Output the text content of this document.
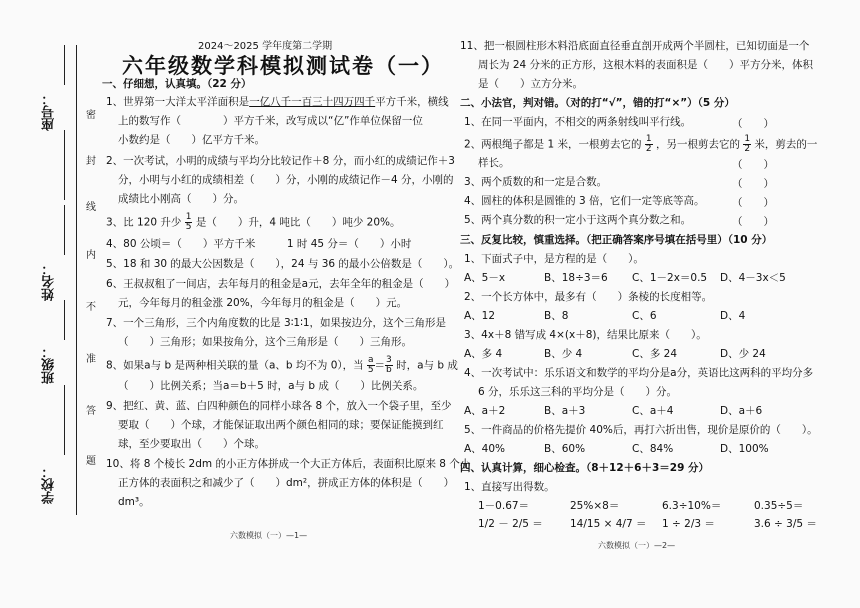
座号：
姓名：
班级：
学校：
密
封
线
内
不
准
答
题
2024～2025 学年度第二学期
六年级数学科模拟测试卷（一）
一、仔细想，认真填。（22 分）
1、世界第一大洋太平洋面积是一亿八千一百三十四万四千平方千米，横线
上的数写作（　　　　）平方千米，改写成以“亿”作单位保留一位
小数约是（　　）亿平方千米。
2、一次考试，小明的成绩与平均分比较记作＋8 分，而小红的成绩记作＋3
分，小明与小红的成绩相差（　　）分，小刚的成绩记作－4 分，小刚的
成绩比小刚高（　　）分。
3、比 120 升少 $\frac{1}{5}$ 是（　　）升，4 吨比（　　）吨少 20%。
4、80 公顷＝（　　）平方千米　　　1 时 45 分＝（　　）小时
5、18 和 30 的最大公因数是（　　），24 与 36 的最小公倍数是（　　）。
6、王叔叔租了一间店，去年每月的租金是a元，去年全年的租金是（　　）
元，今年每月的租金涨 20%，今年每月的租金是（　　）元。
7、一个三角形，三个内角度数的比是 3∶1∶1，如果按边分，这个三角形是
（　　）三角形；如果按角分，这个三角形是（　　）三角形。
8、如果a与 b 是两种相关联的量（a、b 均不为 0），当 $\frac{a}{5} = \frac{3}{b}$ 时，a与 b 成
（　　）比例关系；当a＝b＋5 时，a与 b 成（　　）比例关系。
9、把红、黄、蓝、白四种颜色的同样小球各 8 个，放入一个袋子里，至少
要取（　　）个球，才能保证取出两个颜色相同的球；要保证能摸到红
球，至少要取出（　　）个球。
10、将 8 个棱长 2dm 的小正方体拼成一个大正方体后，表面积比原来 8 个小
正方体的表面积之和减少了（　　）dm²，拼成正方体的体积是（　　）
dm³。
六数模拟（一）—1—
11、把一根圆柱形木料沿底面直径垂直剖开成两个半圆柱，已知切面是一个
周长为 24 分米的正方形，这根木料的表面积是（　　）平方分米，体积
是（　　）立方分米。
二、小法官，判对错。（对的打“√”，错的打“×”）（5 分）
1、在同一平面内，不相交的两条射线叫平行线。	（　　）
2、两根绳子都是 1 米，一根剪去它的 $\frac{1}{2}$ ，另一根剪去它的 $\frac{1}{2}$ 米，剪去的一
样长。	（　　）
3、两个质数的和一定是合数。	（　　）
4、圆柱的体积是圆锥的 3 倍，它们一定等底等高。	（　　）
5、两个真分数的积一定小于这两个真分数之和。	（　　）
三、反复比较，慎重选择。（把正确答案序号填在括号里）（10 分）
1、下面式子中，是方程的是（　　）。
A、5－x	B、18÷3＝6 C、1－2x＝0.5 D、4－3x＜5
2、一个长方体中，最多有（　　）条棱的长度相等。
A、12	B、8	C、6	D、4
3、4x＋8 错写成 4×(x＋8)，结果比原来（　　）。
A、多 4	B、少 4	C、多 24	D、少 24
4、一次考试中：乐乐语文和数学的平均分是a分，英语比这两科的平均分多
6 分，乐乐这三科的平均分是（　　）分。
A、a＋2	B、a＋3	C、a＋4	D、a＋6
5、一件商品的价格先提价 40%后，再打六折出售，现价是原价的（　　）。
A、40%	B、60%	C、84%	D、100%
四、认真计算，细心检查。（8＋12＋6＋3＝29 分）
1、直接写出得数。
1－0.67＝	25%×8＝	6.3÷10%＝	0.35÷5＝
1/2 － 2/5 ＝	14/15 × 4/7 ＝ 1 ÷ 2/3 ＝	3.6 ÷ 3/5 ＝
六数模拟（一）—2—
